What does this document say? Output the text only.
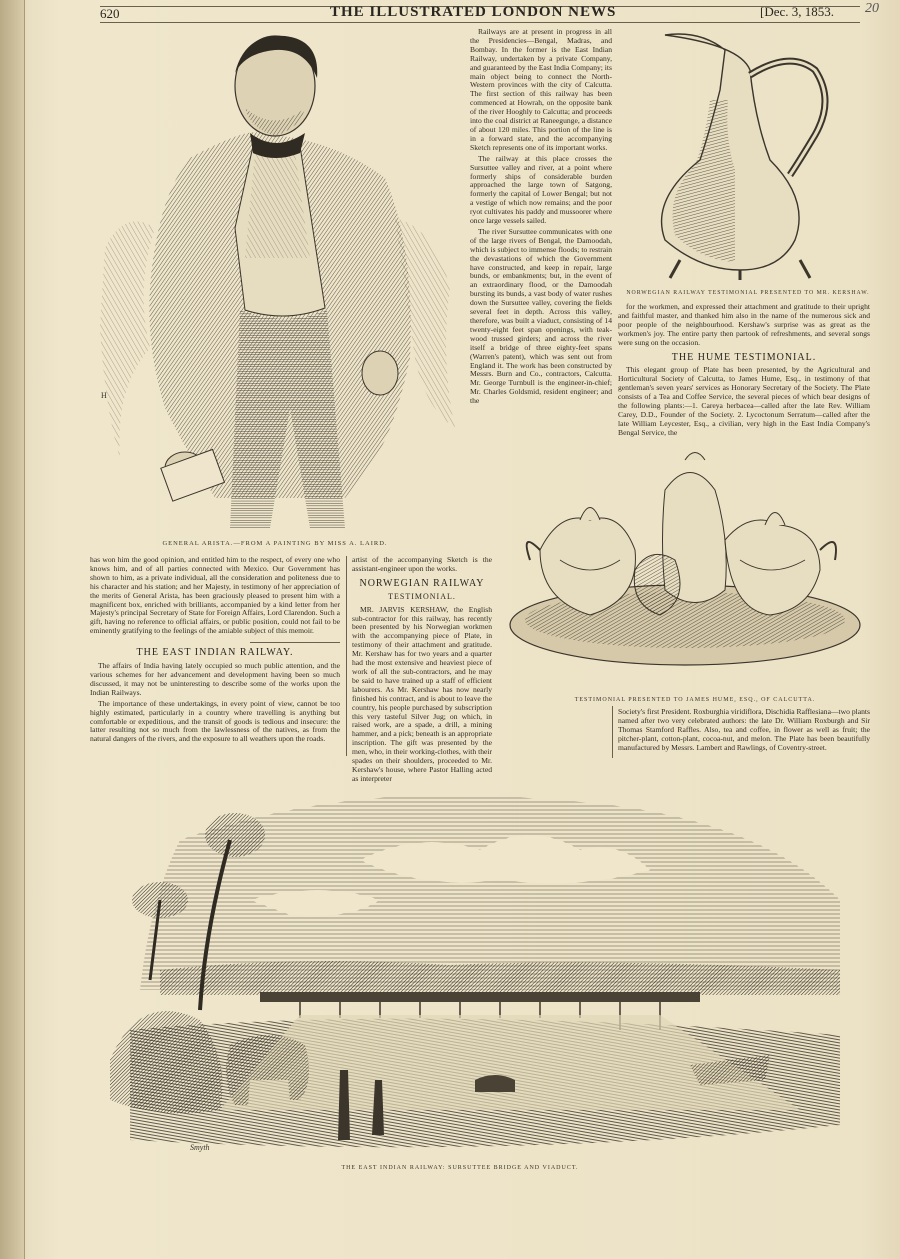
620	THE ILLUSTRATED LONDON NEWS	[Dec. 3, 1853. 20
H
GENERAL ARISTA.—FROM A PAINTING BY MISS A. LAIRD.

Railways are at present in progress in all the Presidencies—Bengal, Madras, and Bombay. In the former is the East Indian Railway, undertaken by a private Company, and guaranteed by the East India Company; its main object being to connect the North-Western provinces with the city of Calcutta. The first section of this railway has been commenced at Howrah, on the opposite bank of the river Hooghly to Calcutta; and proceeds into the coal district at Raneegunge, a distance of about 120 miles. This portion of the line is in a forward state, and the accompanying Sketch represents one of its important works.

The railway at this place crosses the Sursuttee valley and river, at a point where formerly ships of considerable burden approached the large town of Satgong, formerly the capital of Lower Bengal; but not a vestige of which now remains; and the poor ryot cultivates his paddy and mussoorer where once large vessels sailed.

The river Sursuttee communicates with one of the large rivers of Bengal, the Damoodah, which is subject to immense floods; to restrain the devastations of which the Government have constructed, and keep in repair, large bunds, or embankments; but, in the event of an extraordinary flood, or the Damoodah bursting its bunds, a vast body of water rushes down the Sursuttee valley, covering the fields several feet in depth. Across this valley, therefore, was built a viaduct, consisting of 14 twenty-eight feet span openings, with teak-wood trussed girders; and across the river itself a bridge of three eighty-feet spans (Warren's patent), which was sent out from England it. The work has been constructed by Messrs. Burn and Co., contractors, Calcutta. Mr. George Turnbull is the engineer-in-chief; Mr. Charles Goldsmid, resident engineer; and the

NORWEGIAN RAILWAY TESTIMONIAL PRESENTED TO MR. KERSHAW.

for the workmen, and expressed their attachment and gratitude to their upright and faithful master, and thanked him also in the name of the numerous sick and poor people of the neighbourhood. Kershaw's surprise was as great as the workmen's joy. The entire party then partook of refreshments, and several songs were sung on the occasion.

THE HUME TESTIMONIAL.

This elegant group of Plate has been presented, by the Agricultural and Horticultural Society of Calcutta, to James Hume, Esq., in testimony of that gentleman's seven years' services as Honorary Secretary of the Society. The Plate consists of a Tea and Coffee Service, the several pieces of which bear designs of the following plants:—1. Careya herbacea—called after the late Rev. William Carey, D.D., Founder of the Society. 2. Lycoctonum Serratum—called after the late William Leycester, Esq., a civilian, very high in the East India Company's Bengal Service, the

TESTIMONIAL PRESENTED TO JAMES HUME, ESQ., OF CALCUTTA.

has won him the good opinion, and entitled him to the respect, of every one who knows him, and of all parties connected with Mexico. Our Government has shown to him, as a private individual, all the consideration and politeness due to his character and his station; and her Majesty, in testimony of her appreciation of the merits of General Arista, has been graciously pleased to present him with a magnificent box, enriched with brilliants, accompanied by a kind letter from her Majesty's principal Secretary of State for Foreign Affairs, Lord Clarendon. Such a gift, having no reference to official affairs, or public position, could not fail to be eminently gratifying to the feelings of the amiable subject of this memoir.

THE EAST INDIAN RAILWAY.

The affairs of India having lately occupied so much public attention, and the various schemes for her advancement and development having been so much discussed, it may not be uninteresting to describe some of the works upon the Indian Railways.

The importance of these undertakings, in every point of view, cannot be too highly estimated, particularly in a country where travelling is anything but comfortable or expeditious, and the transit of goods is tedious and insecure: the latter resulting not so much from the lawlessness of the natives, as from the natural dangers of the rivers, and the exposure to all weathers upon the roads.

artist of the accompanying Sketch is the assistant-engineer upon the works.

NORWEGIAN RAILWAY
TESTIMONIAL.

MR. JARVIS KERSHAW, the English sub-contractor for this railway, has recently been presented by his Norwegian workmen with the accompanying piece of Plate, in testimony of their attachment and gratitude. Mr. Kershaw has for two years and a quarter had the most extensive and heaviest piece of work of all the sub-contractors, and he may be said to have trained up a staff of efficient labourers. As Mr. Kershaw has now nearly finished his contract, and is about to leave the country, his people purchased by subscription this very tasteful Silver Jug; on which, in raised work, are a spade, a drill, a mining hammer, and a pick; beneath is an appropriate inscription. The gift was presented by the men, who, in their working-clothes, with their spades on their shoulders, proceeded to Mr. Kershaw's house, where Pastor Halling acted as interpreter

Society's first President. Roxburghia viridiflora, Dischidia Rafflesiana—two plants named after two very celebrated authors: the late Dr. William Roxburgh and Sir Thomas Stamford Raffles. Also, tea and coffee, in flower as well as fruit; the pitcher-plant, cotton-plant, cocoa-nut, and melon. The Plate has been beautifully manufactured by Messrs. Lambert and Rawlings, of Coventry-street.

Smyth
THE EAST INDIAN RAILWAY: SURSUTTEE BRIDGE AND VIADUCT.
